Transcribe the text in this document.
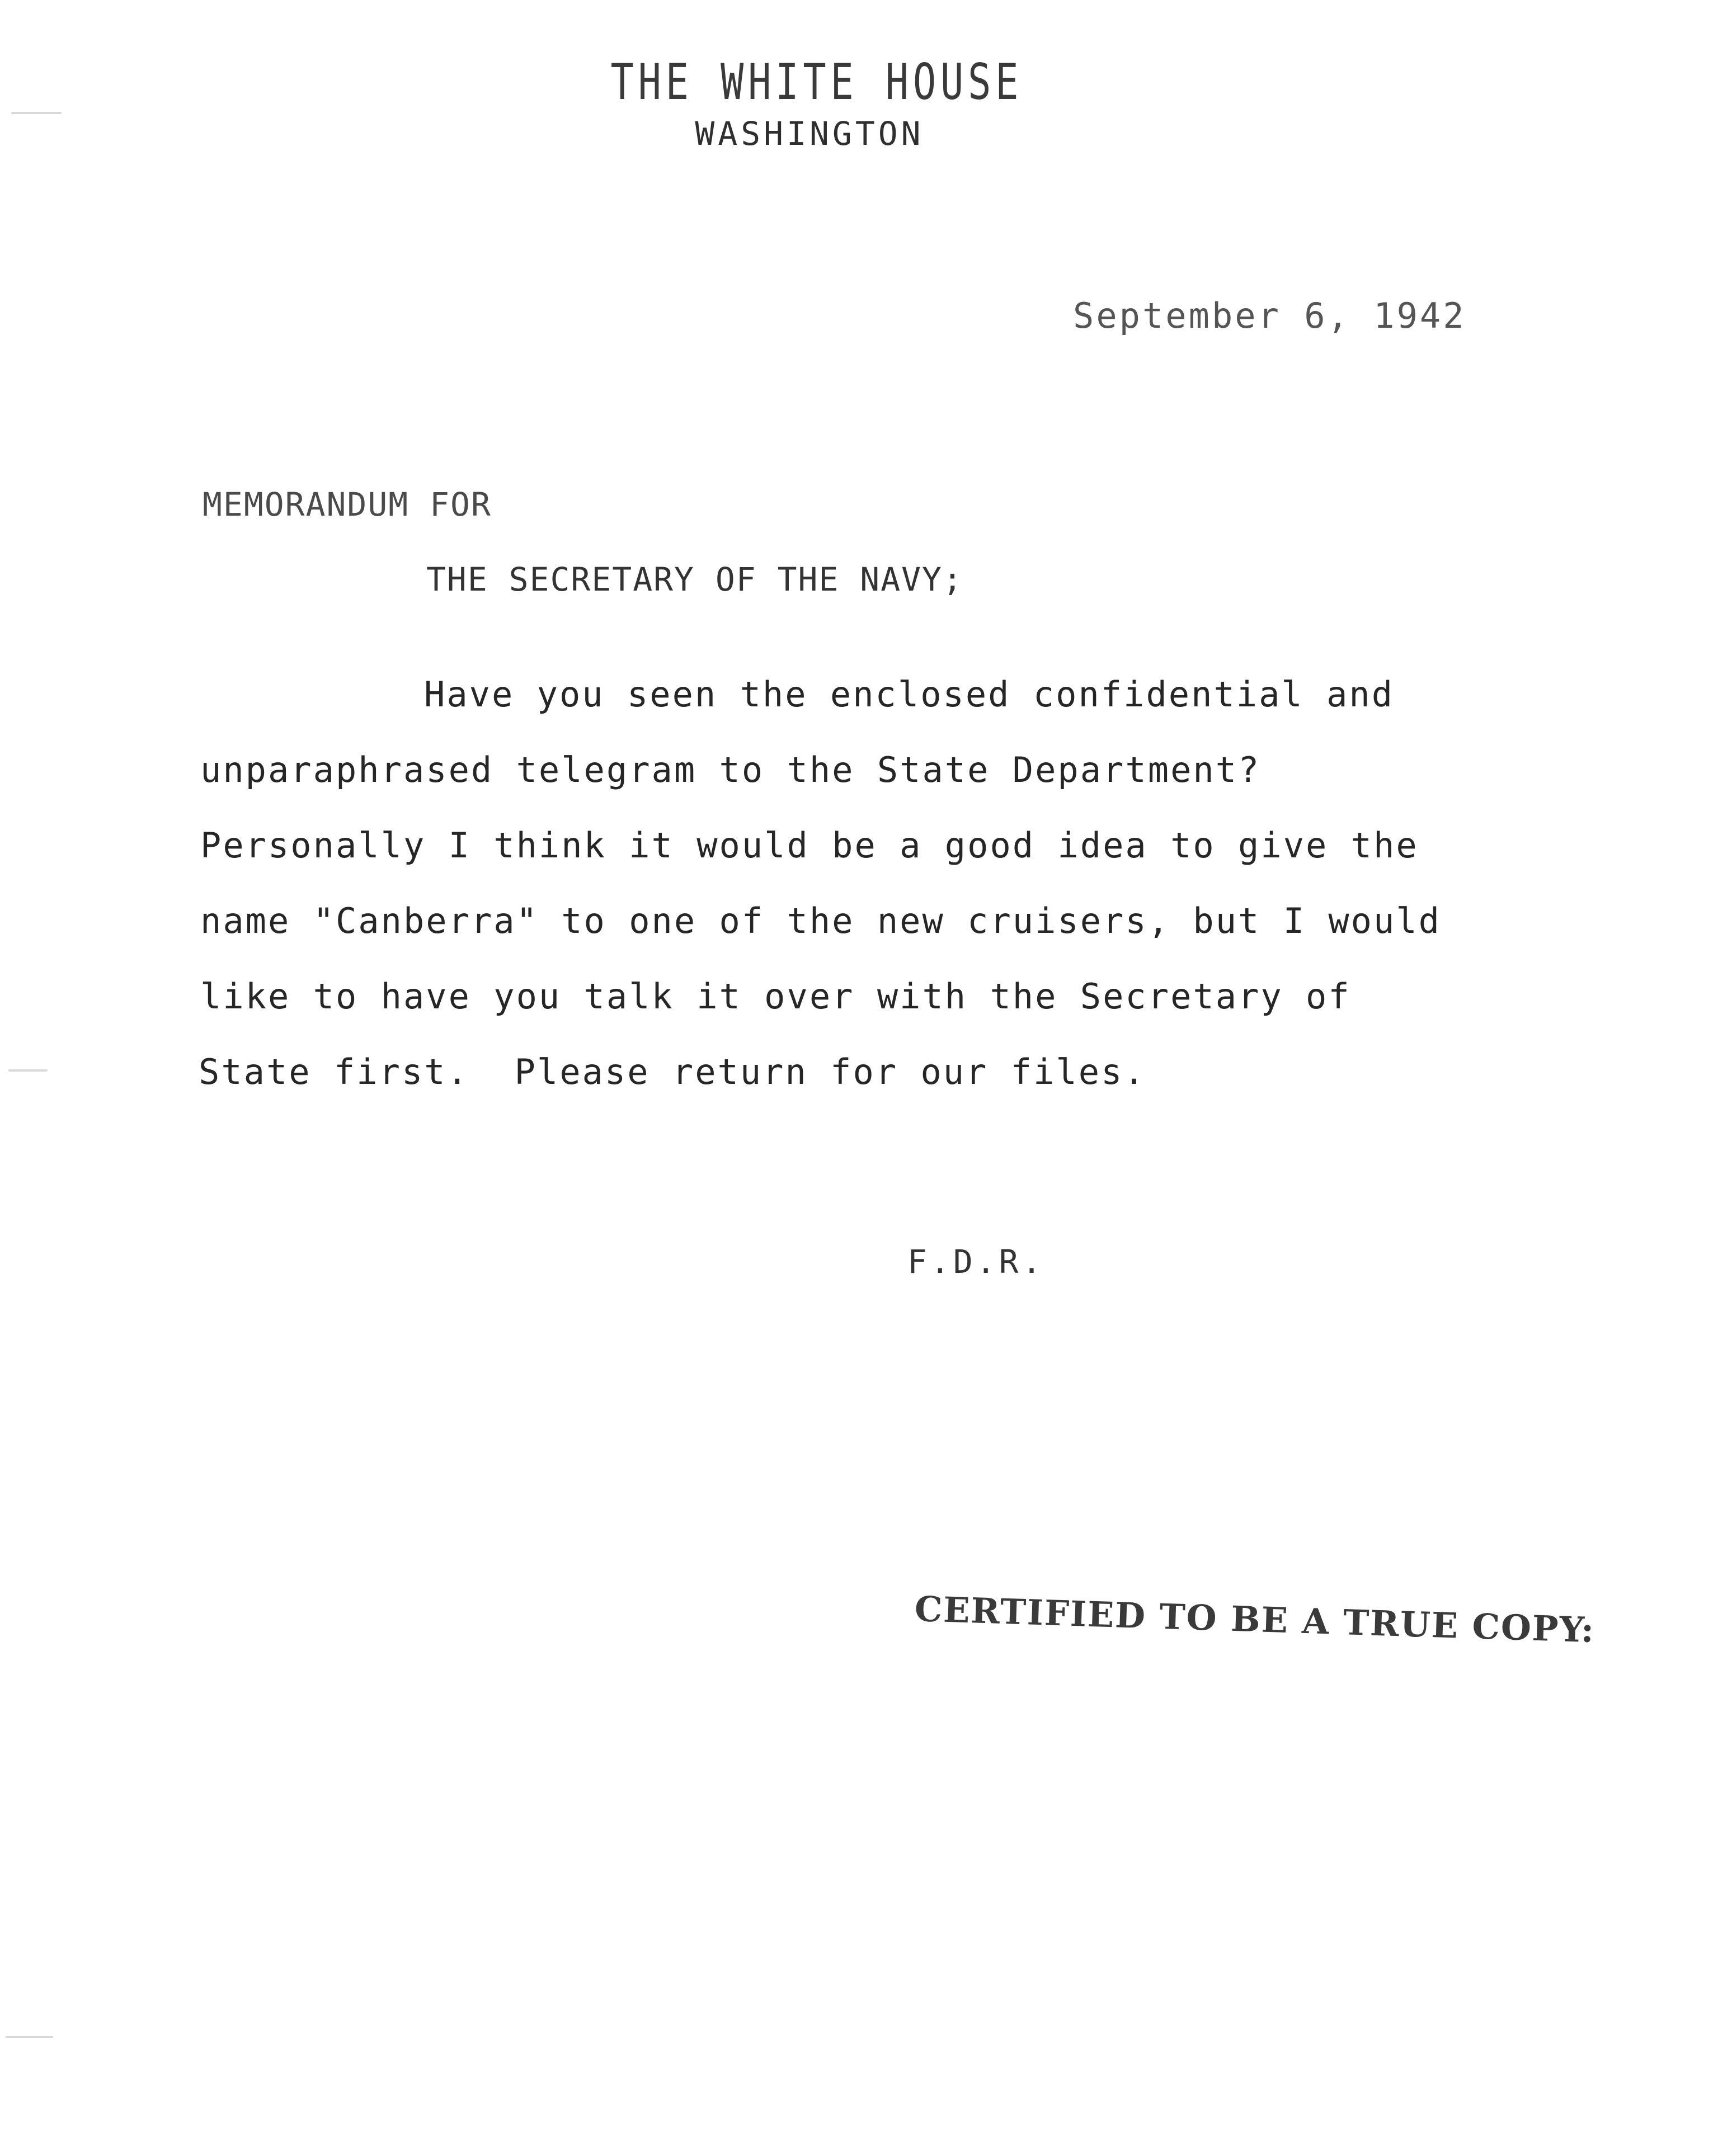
THE WHITE HOUSE
WASHINGTON
September 6, 1942
MEMORANDUM FOR
THE SECRETARY OF THE NAVY;
Have you seen the enclosed confidential and
unparaphrased telegram to the State Department?
Personally I think it would be a good idea to give the
name "Canberra" to one of the new cruisers, but I would
like to have you talk it over with the Secretary of
State first.  Please return for our files.
F.D.R.
CERTIFIED TO BE A TRUE COPY:
